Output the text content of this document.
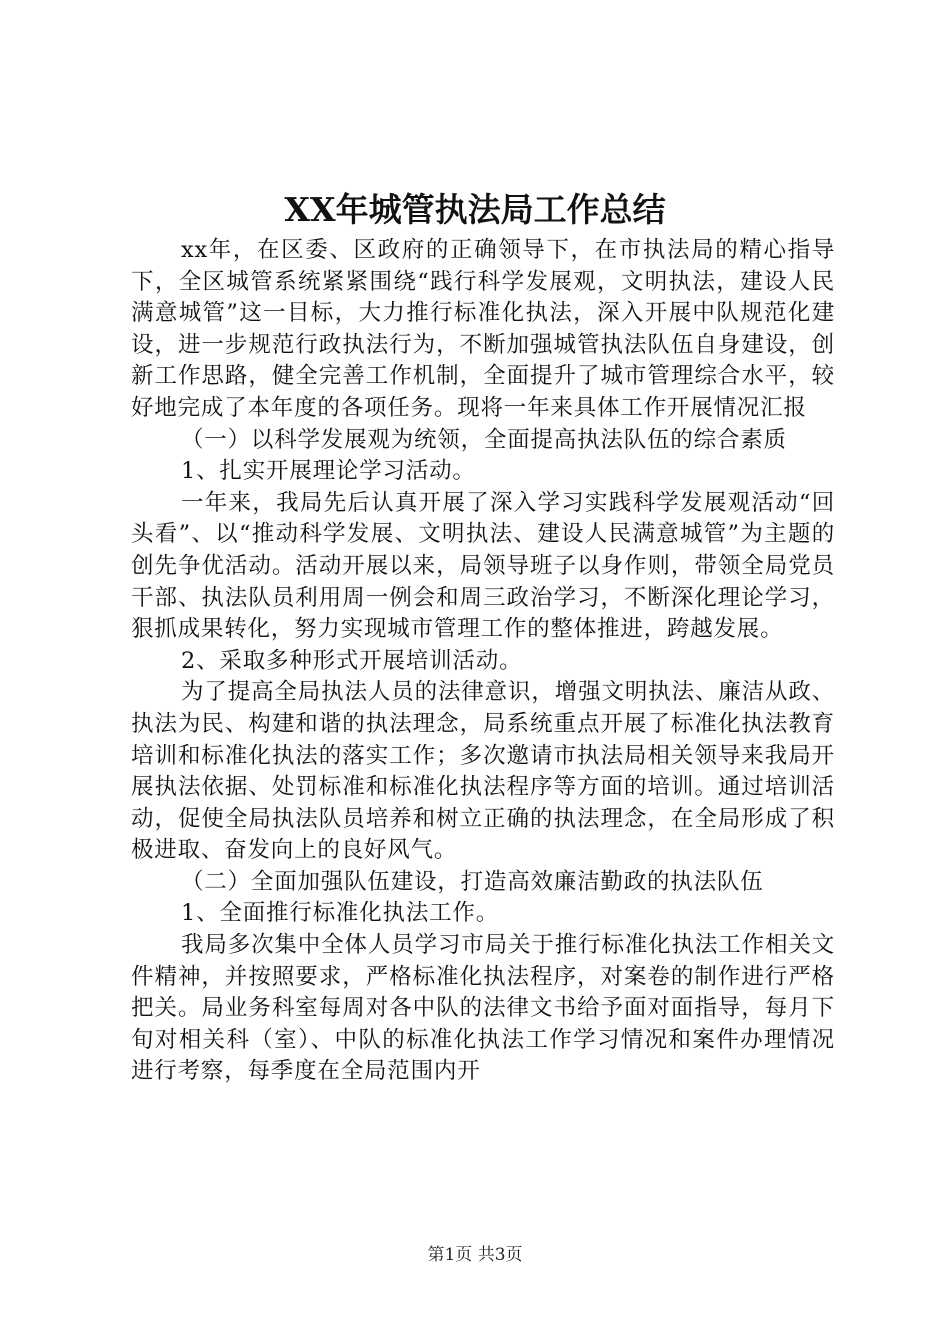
XX年城管执法局工作总结

xx年，在区委、区政府的正确领导下，在市执法局的精心指导下，全区城管系统紧紧围绕“践行科学发展观，文明执法，建设人民满意城管”这一目标，大力推行标准化执法，深入开展中队规范化建设，进一步规范行政执法行为，不断加强城管执法队伍自身建设，创新工作思路，健全完善工作机制，全面提升了城市管理综合水平，较好地完成了本年度的各项任务。现将一年来具体工作开展情况汇报

（一）以科学发展观为统领，全面提高执法队伍的综合素质

1、扎实开展理论学习活动。

一年来，我局先后认真开展了深入学习实践科学发展观活动“回头看”、以“推动科学发展、文明执法、建设人民满意城管”为主题的创先争优活动。活动开展以来，局领导班子以身作则，带领全局党员干部、执法队员利用周一例会和周三政治学习，不断深化理论学习，狠抓成果转化，努力实现城市管理工作的整体推进，跨越发展。

2、采取多种形式开展培训活动。

为了提高全局执法人员的法律意识，增强文明执法、廉洁从政、执法为民、构建和谐的执法理念，局系统重点开展了标准化执法教育培训和标准化执法的落实工作；多次邀请市执法局相关领导来我局开展执法依据、处罚标准和标准化执法程序等方面的培训。通过培训活动，促使全局执法队员培养和树立正确的执法理念，在全局形成了积极进取、奋发向上的良好风气。

（二）全面加强队伍建设，打造高效廉洁勤政的执法队伍

1、全面推行标准化执法工作。

我局多次集中全体人员学习市局关于推行标准化执法工作相关文件精神，并按照要求，严格标准化执法程序，对案卷的制作进行严格把关。局业务科室每周对各中队的法律文书给予面对面指导，每月下旬对相关科（室）、中队的标准化执法工作学习情况和案件办理情况进行考察，每季度在全局范围内开

第1页 共3页
